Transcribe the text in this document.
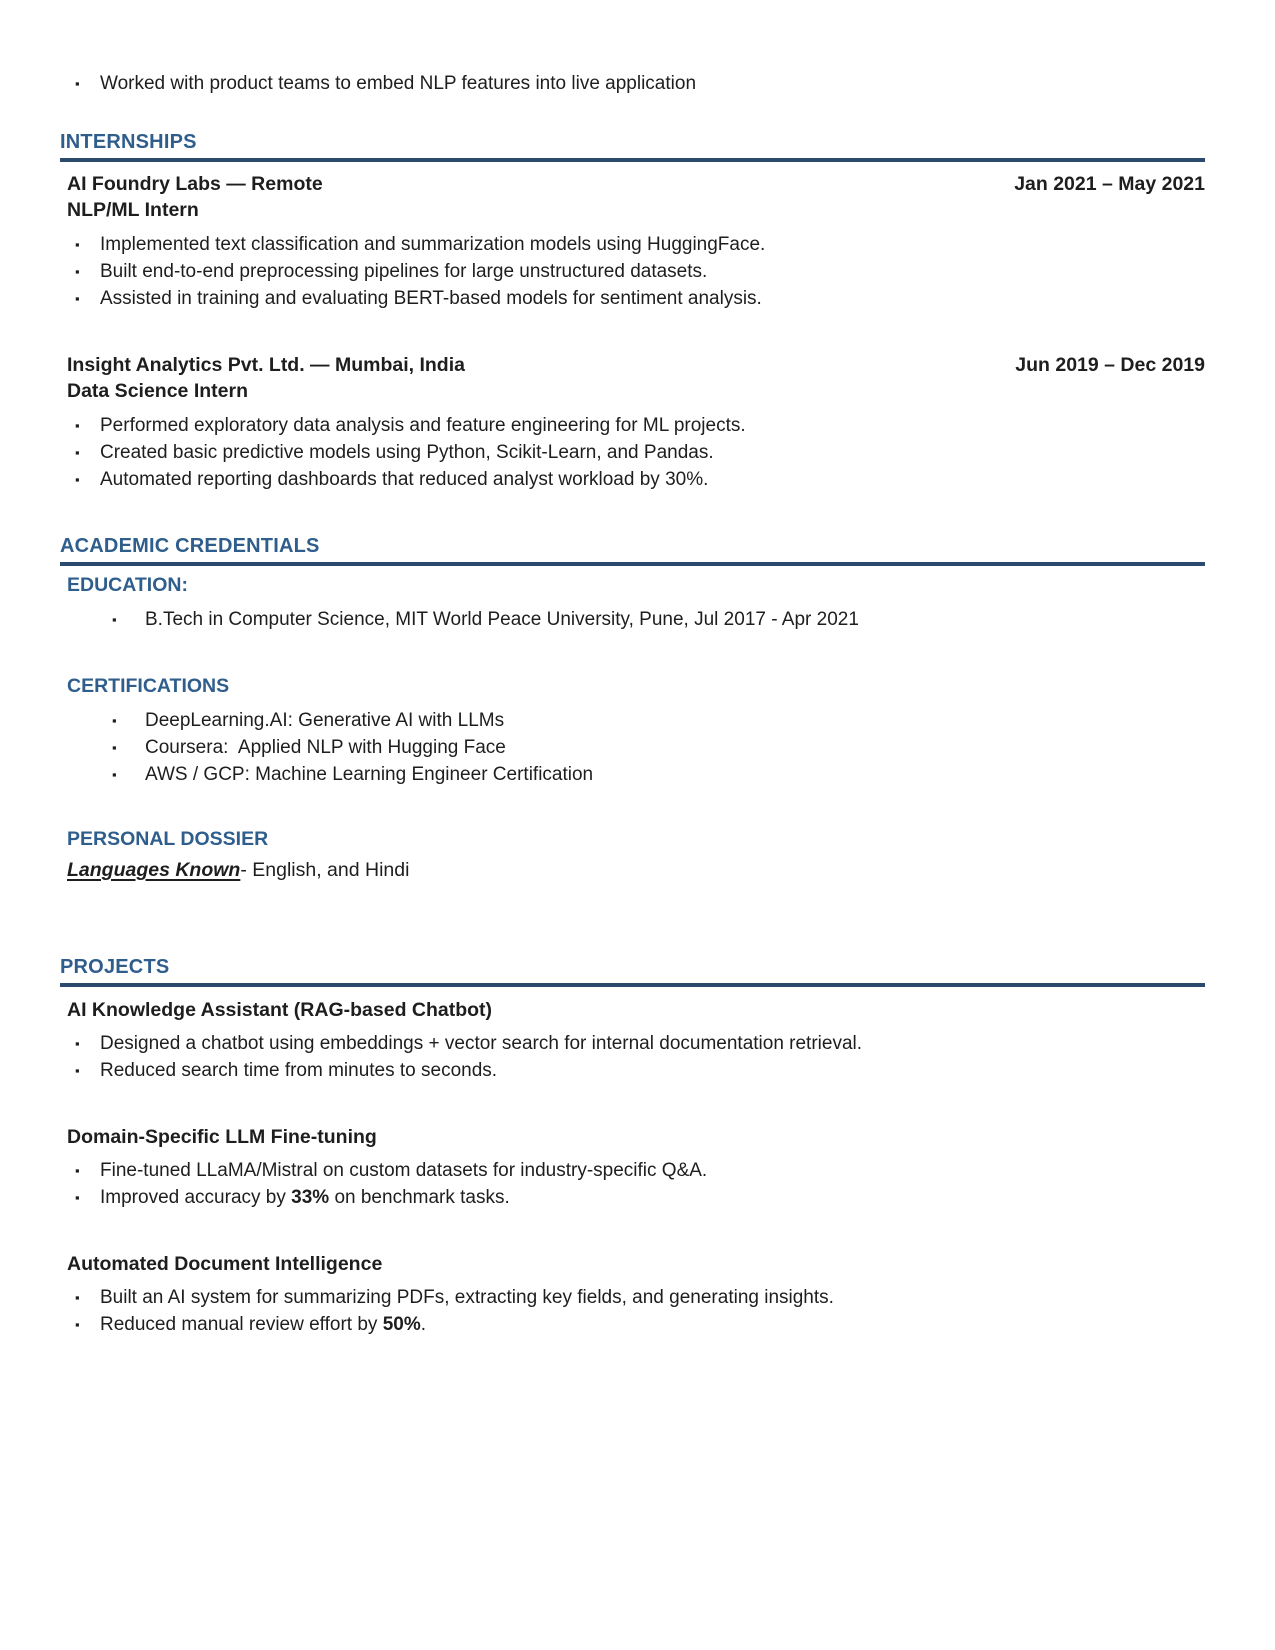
▪ Worked with product teams to embed NLP features into live application
INTERNSHIPS
AI Foundry Labs — Remote	Jan 2021 – May 2021
NLP/ML Intern
▪ Implemented text classification and summarization models using HuggingFace.
▪ Built end-to-end preprocessing pipelines for large unstructured datasets.
▪ Assisted in training and evaluating BERT-based models for sentiment analysis.
Insight Analytics Pvt. Ltd. — Mumbai, India	Jun 2019 – Dec 2019
Data Science Intern
▪ Performed exploratory data analysis and feature engineering for ML projects.
▪ Created basic predictive models using Python, Scikit-Learn, and Pandas.
▪ Automated reporting dashboards that reduced analyst workload by 30%.
ACADEMIC CREDENTIALS
EDUCATION:
▪ B.Tech in Computer Science, MIT World Peace University, Pune, Jul 2017 - Apr 2021
CERTIFICATIONS
▪ DeepLearning.AI: Generative AI with LLMs
▪ Coursera:  Applied NLP with Hugging Face
▪ AWS / GCP: Machine Learning Engineer Certification
PERSONAL DOSSIER
Languages Known- English, and Hindi
PROJECTS
AI Knowledge Assistant (RAG-based Chatbot)
▪ Designed a chatbot using embeddings + vector search for internal documentation retrieval.
▪ Reduced search time from minutes to seconds.
Domain-Specific LLM Fine-tuning
▪ Fine-tuned LLaMA/Mistral on custom datasets for industry-specific Q&A.
▪ Improved accuracy by 33% on benchmark tasks.
Automated Document Intelligence
▪ Built an AI system for summarizing PDFs, extracting key fields, and generating insights.
▪ Reduced manual review effort by 50%.
